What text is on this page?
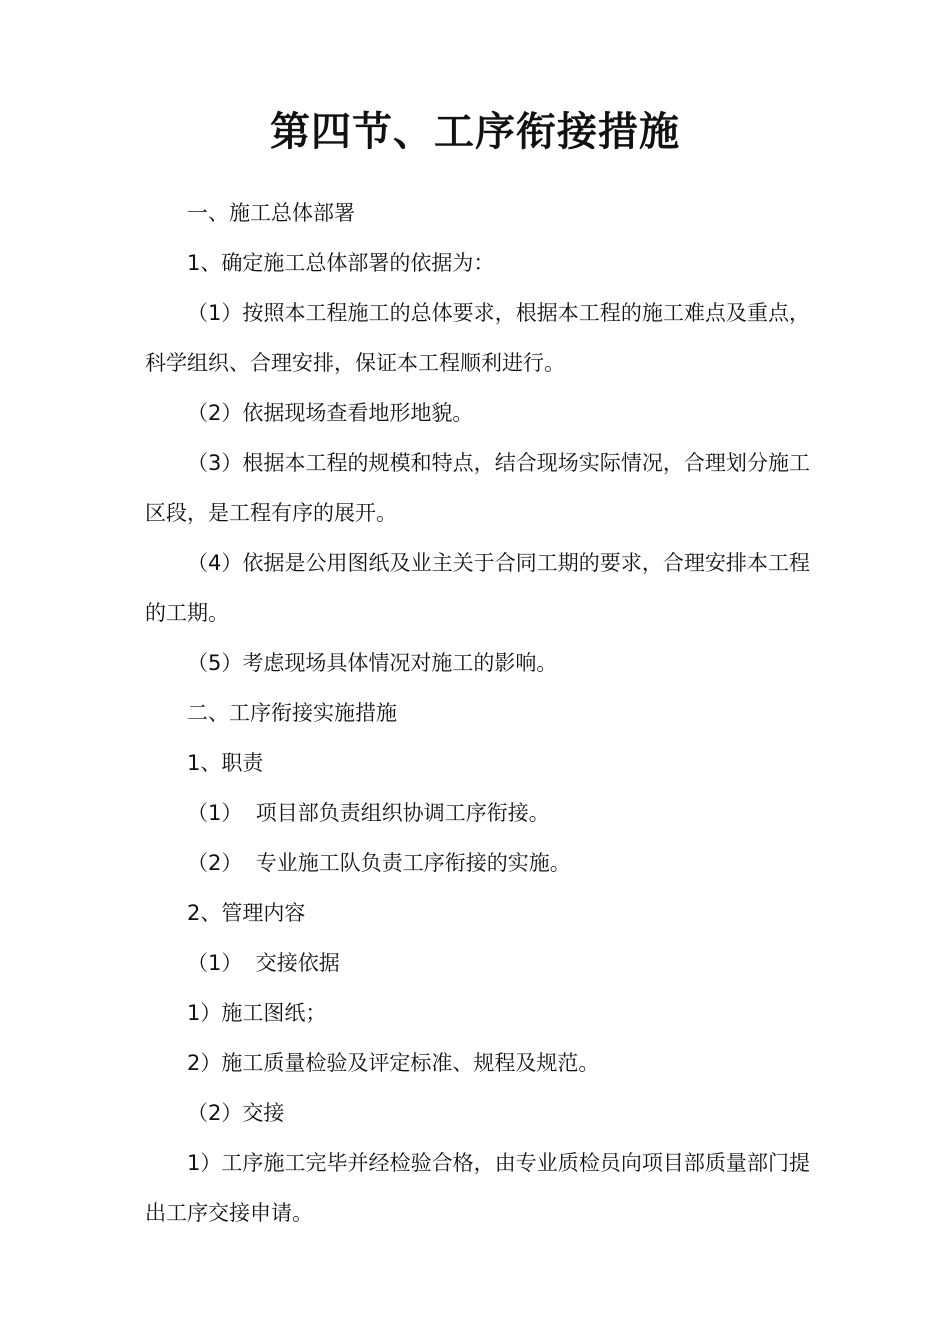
第四节、工序衔接措施

一、施工总体部署

1、确定施工总体部署的依据为：

（1）按照本工程施工的总体要求，根据本工程的施工难点及重点，科学组织、合理安排，保证本工程顺利进行。

（2）依据现场查看地形地貌。

（3）根据本工程的规模和特点，结合现场实际情况，合理划分施工区段，是工程有序的展开。

（4）依据是公用图纸及业主关于合同工期的要求，合理安排本工程的工期。

（5）考虑现场具体情况对施工的影响。

二、工序衔接实施措施

1、职责

（1）  项目部负责组织协调工序衔接。

（2）  专业施工队负责工序衔接的实施。

2、管理内容

（1）  交接依据

1）施工图纸；

2）施工质量检验及评定标准、规程及规范。

（2）交接

1）工序施工完毕并经检验合格，由专业质检员向项目部质量部门提出工序交接申请。
